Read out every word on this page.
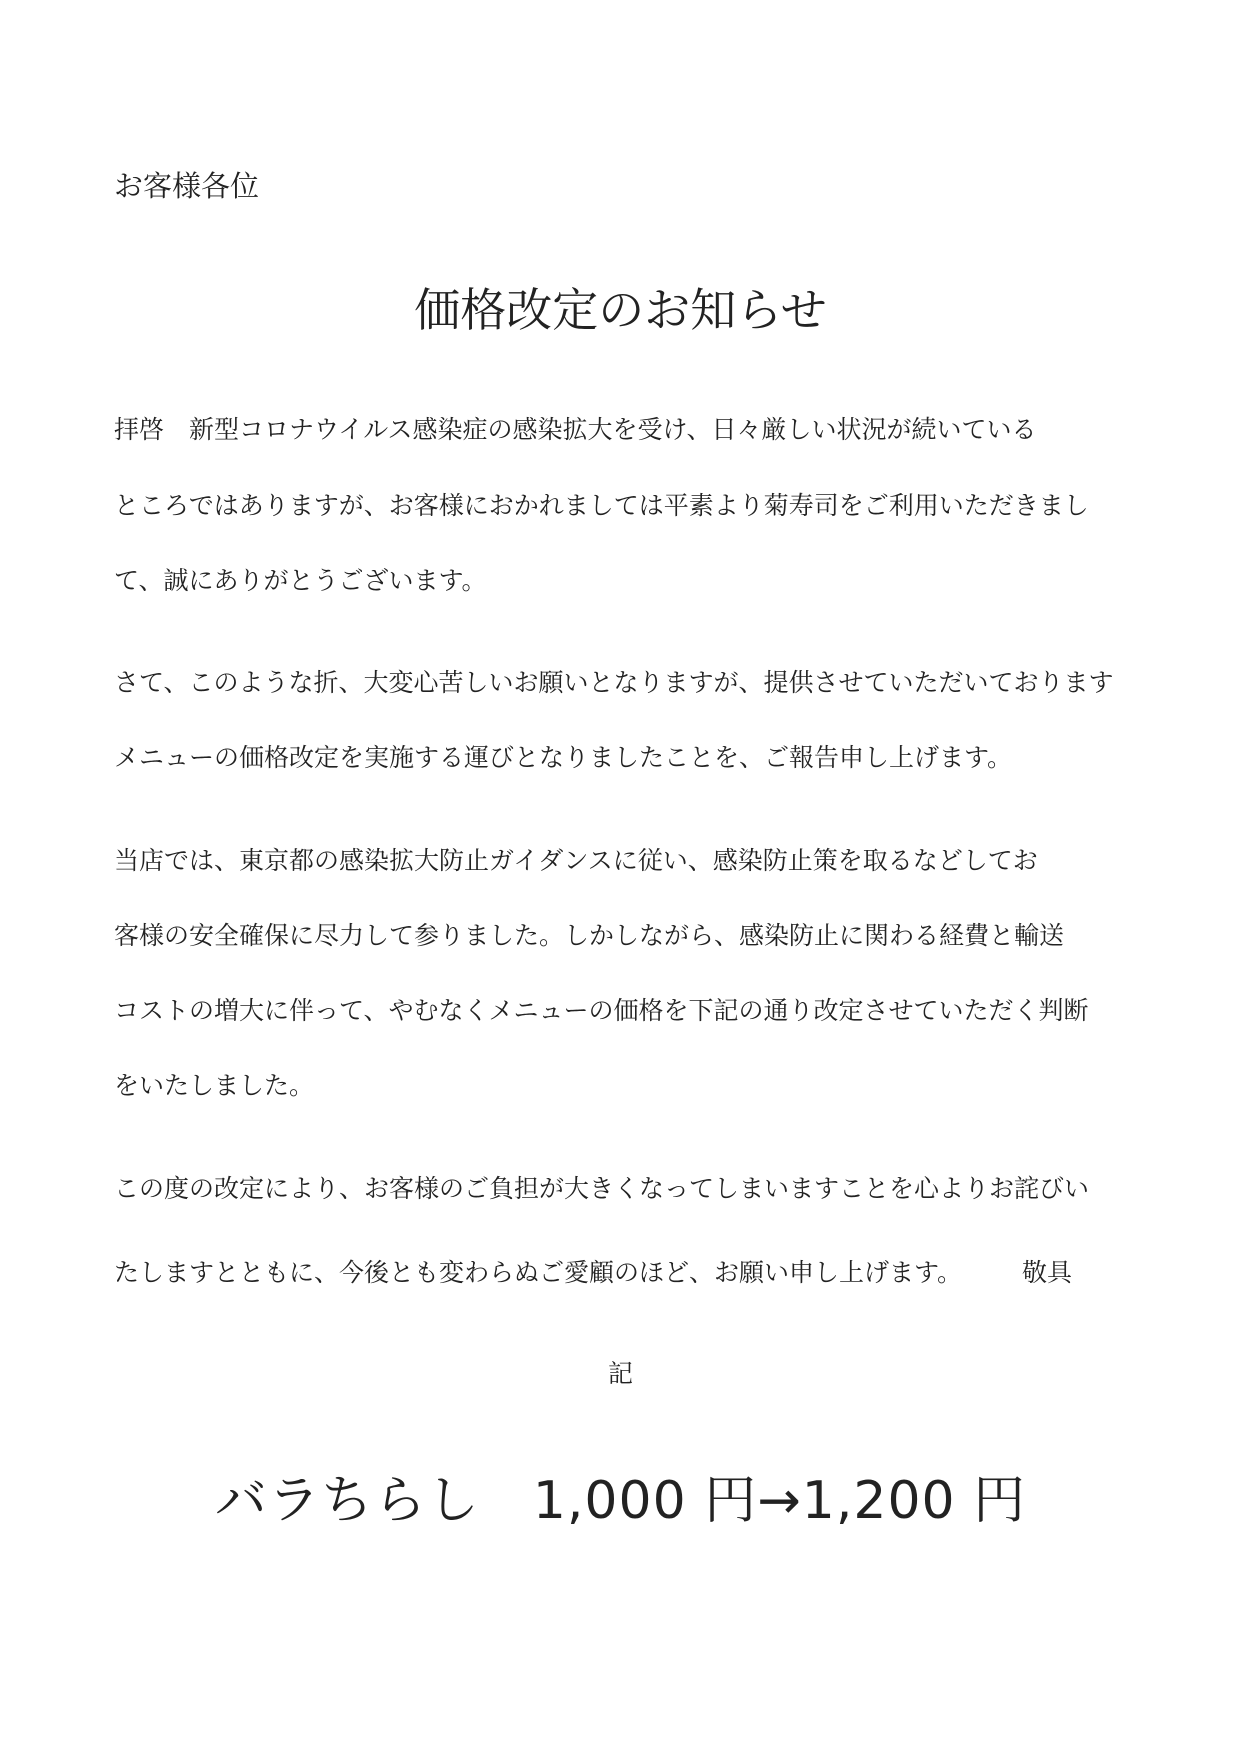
お客様各位
価格改定のお知らせ
拝啓　新型コロナウイルス感染症の感染拡大を受け、日々厳しい状況が続いている
ところではありますが、お客様におかれましては平素より菊寿司をご利用いただきまし
て、誠にありがとうございます。
さて、このような折、大変心苦しいお願いとなりますが、提供させていただいております
メニューの価格改定を実施する運びとなりましたことを、ご報告申し上げます。
当店では、東京都の感染拡大防止ガイダンスに従い、感染防止策を取るなどしてお
客様の安全確保に尽力して参りました。しかしながら、感染防止に関わる経費と輸送
コストの増大に伴って、やむなくメニューの価格を下記の通り改定させていただく判断
をいたしました。
この度の改定により、お客様のご負担が大きくなってしまいますことを心よりお詫びい
たしますとともに、今後とも変わらぬご愛顧のほど、お願い申し上げます。 敬具
記
バラちらし　1,000 円→1,200 円
